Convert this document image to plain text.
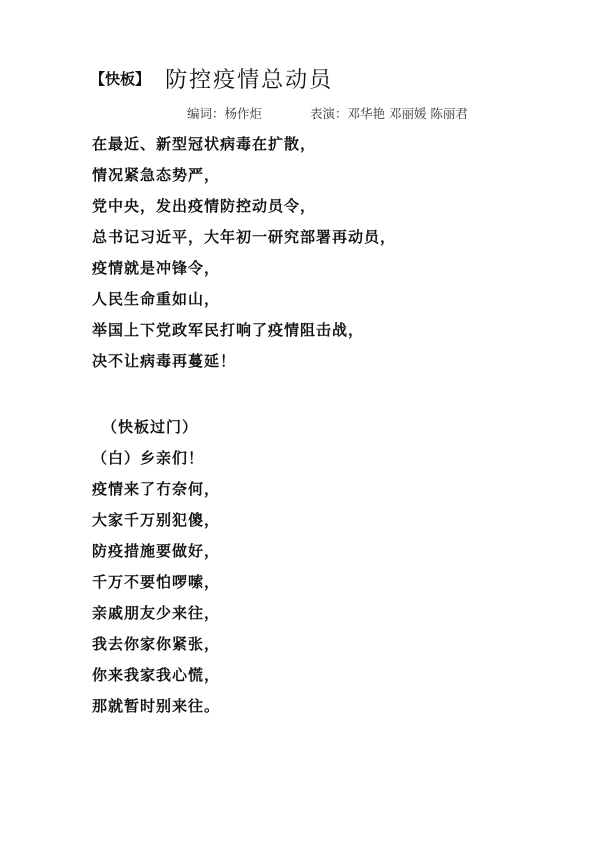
【快板】 防控疫情总动员
编词：杨作炬	表演：邓华艳 邓丽媛 陈丽君
在最近、新型冠状病毒在扩散，
情况紧急态势严，
党中央，发出疫情防控动员令，
总书记习近平，大年初一研究部署再动员，
疫情就是冲锋令，
人民生命重如山，
举国上下党政军民打响了疫情阻击战，
决不让病毒再蔓延！
（快板过门）
（白）乡亲们！
疫情来了冇奈何，
大家千万别犯傻，
防疫措施要做好，
千万不要怕啰嗦，
亲戚朋友少来往，
我去你家你紧张，
你来我家我心慌，
那就暂时别来往。
